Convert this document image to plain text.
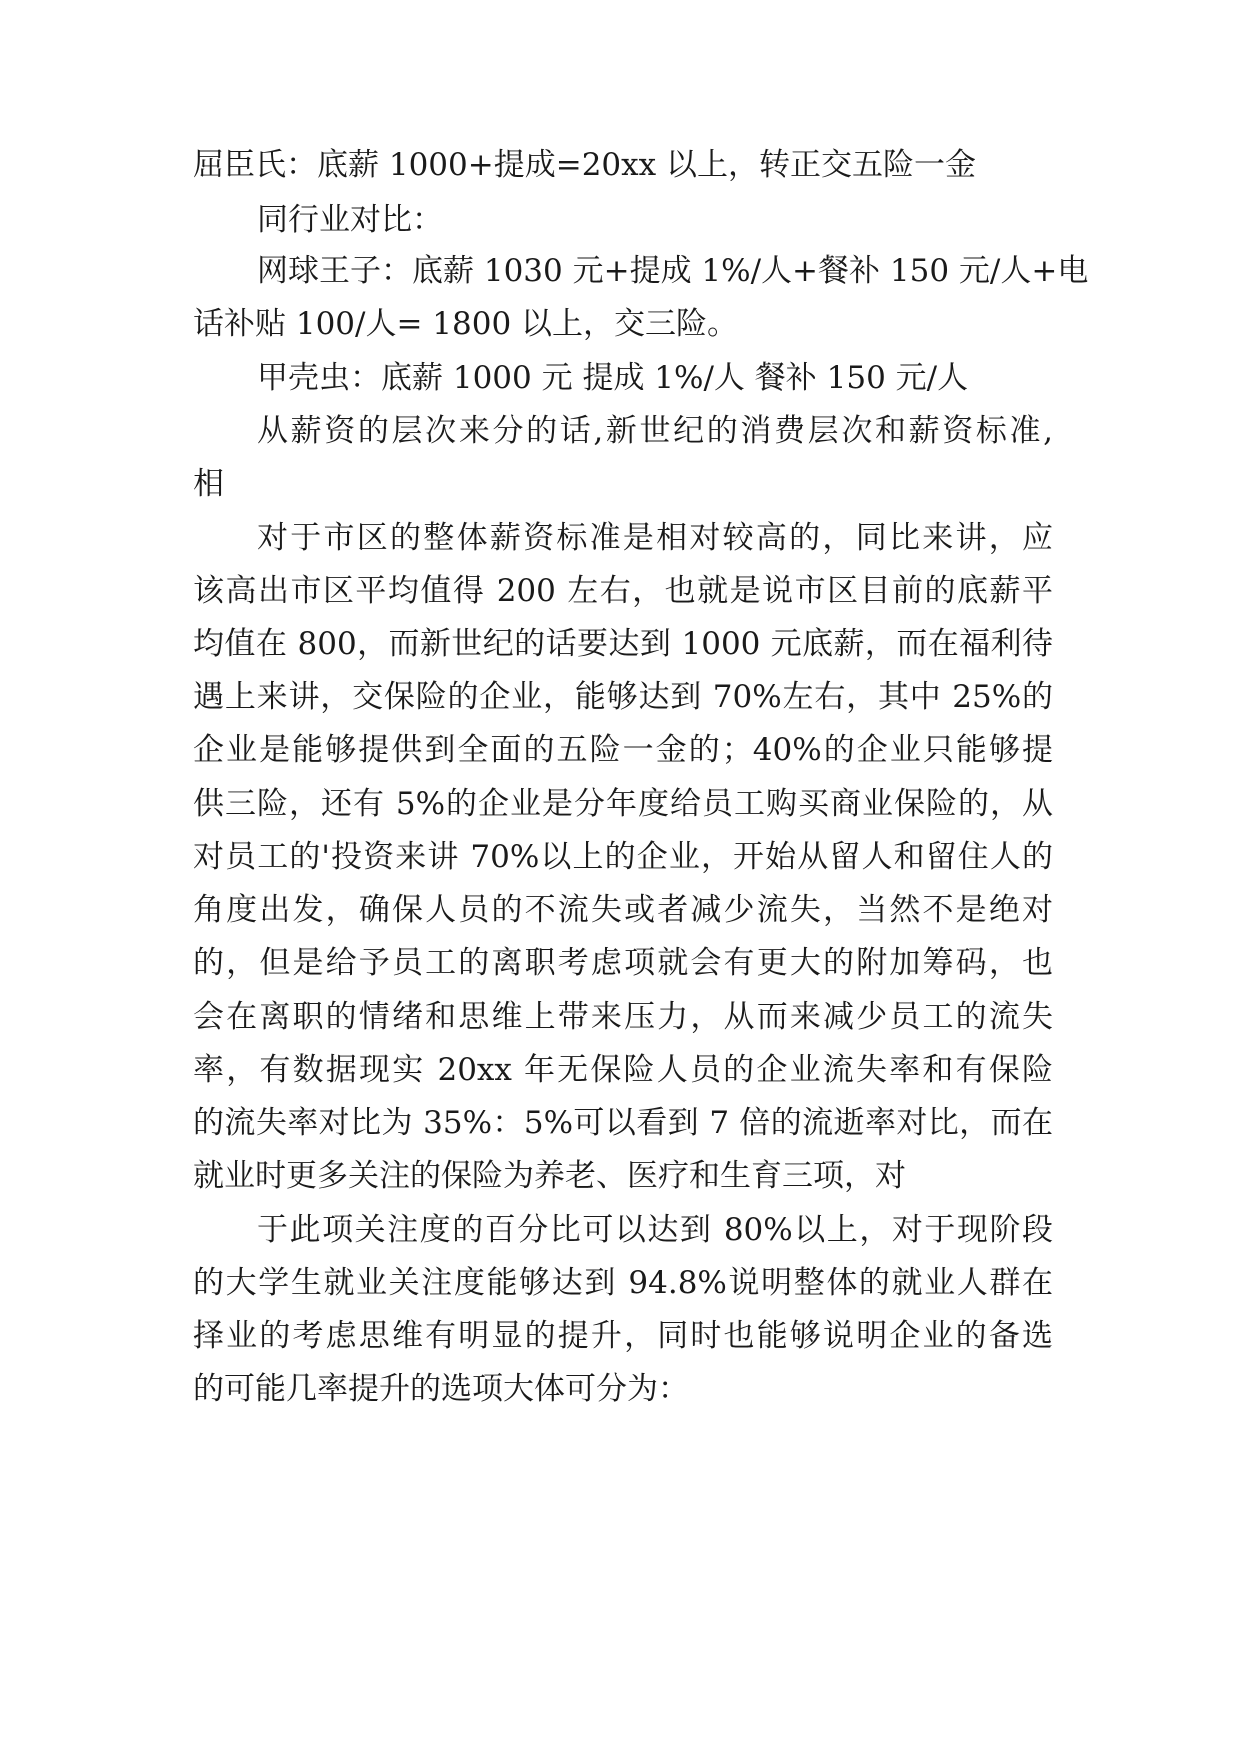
屈臣氏：底薪 1000+提成=20xx 以上，转正交五险一金
同行业对比：
网球王子：底薪 1030 元+提成 1%/人+餐补 150 元/人+电
话补贴 100/人= 1800 以上，交三险。
甲壳虫：底薪 1000 元 提成 1%/人 餐补 150 元/人
从薪资的层次来分的话,新世纪的消费层次和薪资标准,
相
对于市区的整体薪资标准是相对较高的，同比来讲，应
该高出市区平均值得 200 左右，也就是说市区目前的底薪平
均值在 800，而新世纪的话要达到 1000 元底薪，而在福利待
遇上来讲，交保险的企业，能够达到 70%左右，其中 25%的
企业是能够提供到全面的五险一金的；40%的企业只能够提
供三险，还有 5%的企业是分年度给员工购买商业保险的，从
对员工的'投资来讲 70%以上的企业，开始从留人和留住人的
角度出发，确保人员的不流失或者减少流失，当然不是绝对
的，但是给予员工的离职考虑项就会有更大的附加筹码，也
会在离职的情绪和思维上带来压力，从而来减少员工的流失
率，有数据现实 20xx 年无保险人员的企业流失率和有保险
的流失率对比为 35%：5%可以看到 7 倍的流逝率对比，而在
就业时更多关注的保险为养老、医疗和生育三项，对
于此项关注度的百分比可以达到 80%以上，对于现阶段
的大学生就业关注度能够达到 94.8%说明整体的就业人群在
择业的考虑思维有明显的提升，同时也能够说明企业的备选
的可能几率提升的选项大体可分为：
